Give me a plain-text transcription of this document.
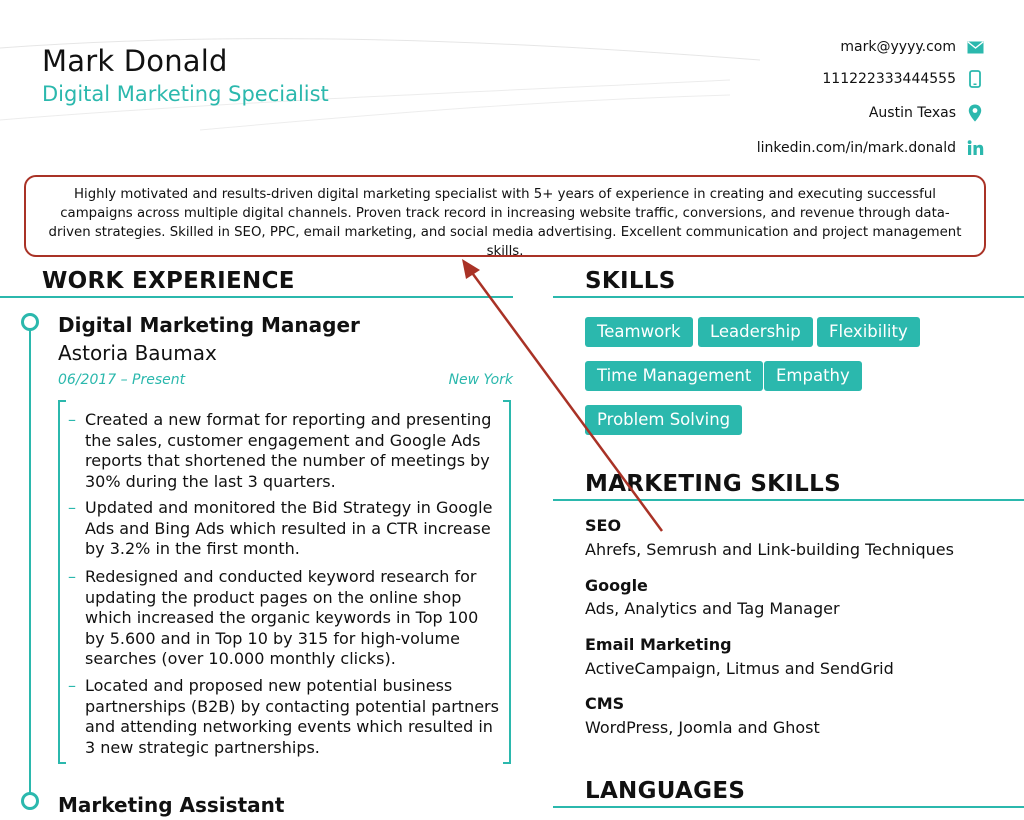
Mark Donald
Digital Marketing Specialist
mark@yyyy.com
111222333444555
Austin Texas
linkedin.com/in/mark.donald
Highly motivated and results-driven digital marketing specialist with 5+ years of experience in creating and executing successful campaigns across multiple digital channels. Proven track record in increasing website traffic, conversions, and revenue through data-driven strategies. Skilled in SEO, PPC, email marketing, and social media advertising. Excellent communication and project management skills.
WORK EXPERIENCE
Digital Marketing Manager
Astoria Baumax
06/2017 – Present	New York
– Created a new format for reporting and presenting the sales, customer engagement and Google Ads reports that shortened the number of meetings by 30% during the last 3 quarters.
– Updated and monitored the Bid Strategy in Google Ads and Bing Ads which resulted in a CTR increase by 3.2% in the first month.
– Redesigned and conducted keyword research for updating the product pages on the online shop which increased the organic keywords in Top 100 by 5.600 and in Top 10 by 315 for high-volume searches (over 10.000 monthly clicks).
– Located and proposed new potential business partnerships (B2B) by contacting potential partners and attending networking events which resulted in 3 new strategic partnerships.
Marketing Assistant
SKILLS
Teamwork	Leadership	Flexibility
Time Management	Empathy
Problem Solving
MARKETING SKILLS
SEO
Ahrefs, Semrush and Link-building Techniques
Google
Ads, Analytics and Tag Manager
Email Marketing
ActiveCampaign, Litmus and SendGrid
CMS
WordPress, Joomla and Ghost
LANGUAGES
